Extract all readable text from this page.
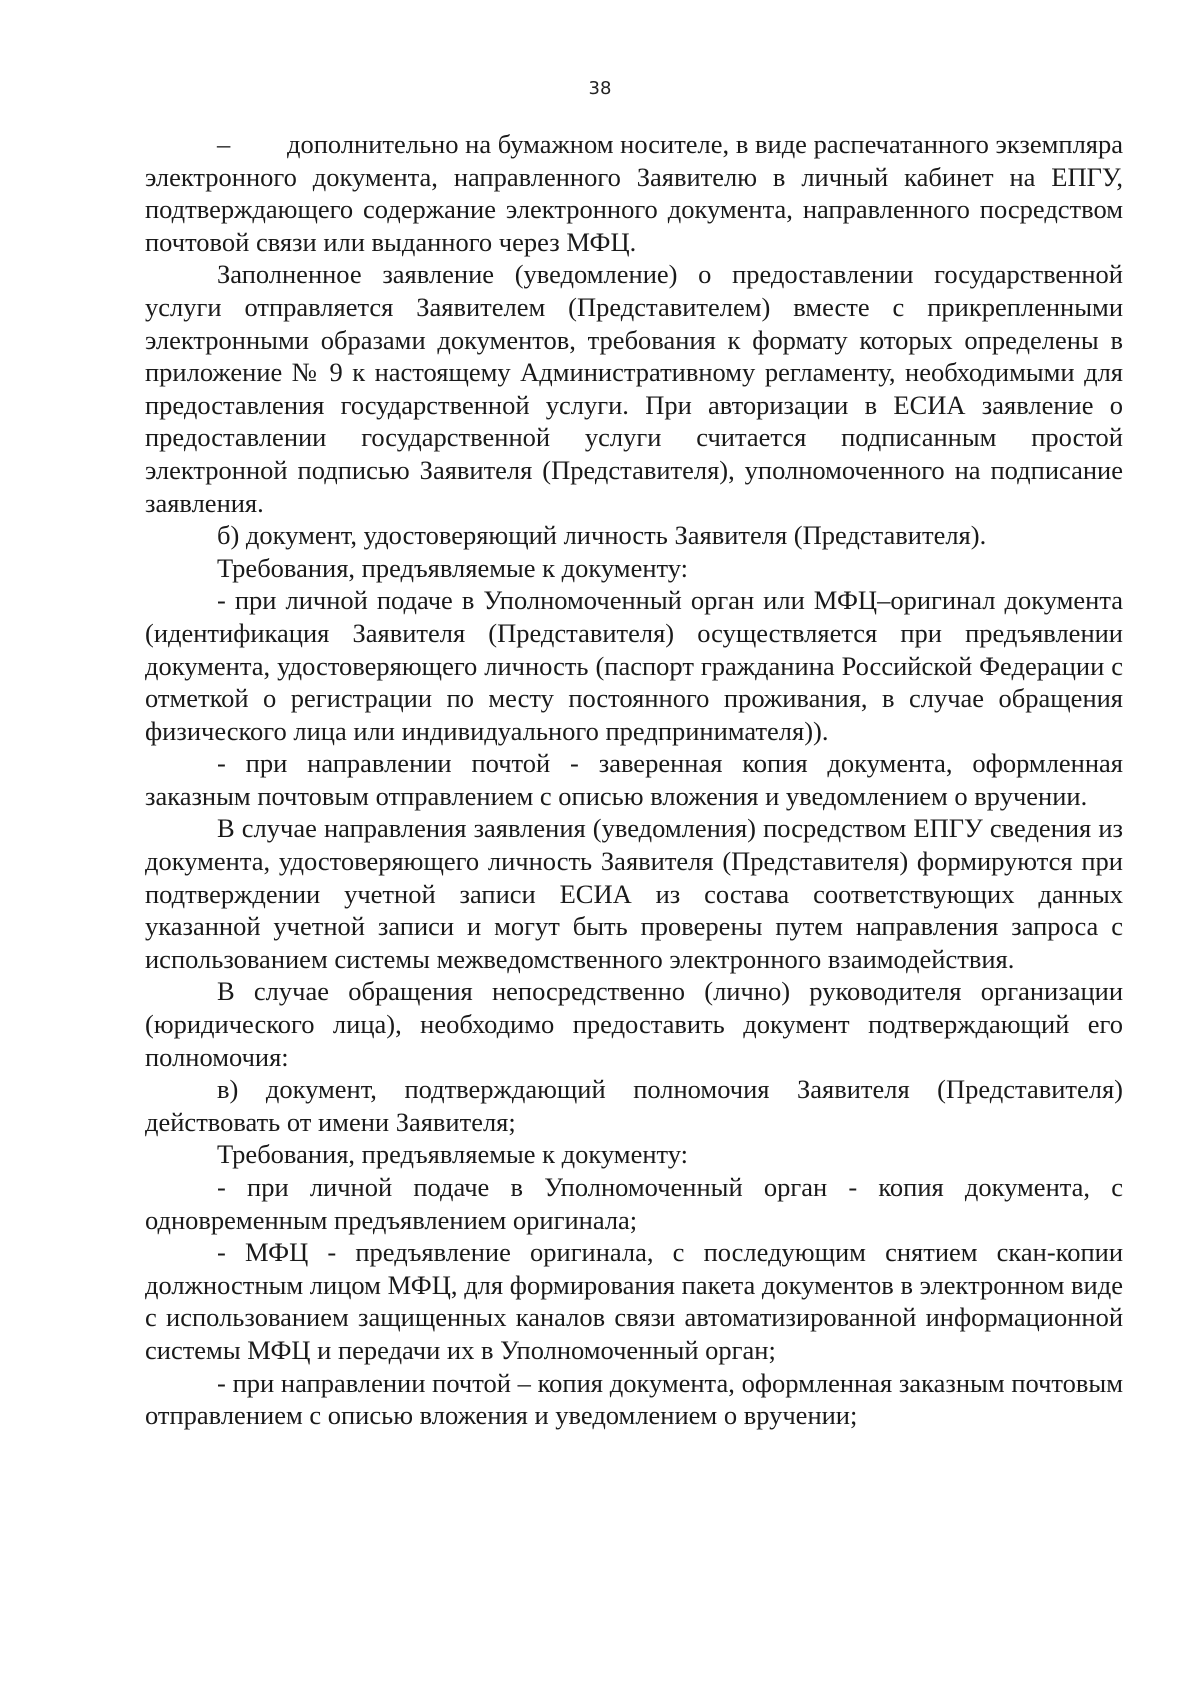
38

– дополнительно на бумажном носителе, в виде распечатанного экземпляра электронного документа, направленного Заявителю в личный кабинет на ЕПГУ, подтверждающего содержание электронного документа, направленного посредством почтовой связи или выданного через МФЦ.

Заполненное заявление (уведомление) о предоставлении государственной услуги отправляется Заявителем (Представителем) вместе с прикрепленными электронными образами документов, требования к формату которых определены в приложение № 9 к настоящему Административному регламенту, необходимыми для предоставления государственной услуги. При авторизации в ЕСИА заявление о предоставлении государственной услуги считается подписанным простой электронной подписью Заявителя (Представителя), уполномоченного на подписание заявления.

б) документ, удостоверяющий личность Заявителя (Представителя).

Требования, предъявляемые к документу:

- при личной подаче в Уполномоченный орган или МФЦ–оригинал документа (идентификация Заявителя (Представителя) осуществляется при предъявлении документа, удостоверяющего личность (паспорт гражданина Российской Федерации с отметкой о регистрации по месту постоянного проживания, в случае обращения физического лица или индивидуального предпринимателя)).

- при направлении почтой - заверенная копия документа, оформленная заказным почтовым отправлением с описью вложения и уведомлением о вручении.

В случае направления заявления (уведомления) посредством ЕПГУ сведения из документа, удостоверяющего личность Заявителя (Представителя) формируются при подтверждении учетной записи ЕСИА из состава соответствующих данных указанной учетной записи и могут быть проверены путем направления запроса с использованием системы межведомственного электронного взаимодействия.

В случае обращения непосредственно (лично) руководителя организации (юридического лица), необходимо предоставить документ подтверждающий его полномочия:

в) документ, подтверждающий полномочия Заявителя (Представителя) действовать от имени Заявителя;

Требования, предъявляемые к документу:

- при личной подаче в Уполномоченный орган - копия документа, с одновременным предъявлением оригинала;

- МФЦ - предъявление оригинала, с последующим снятием скан-копии должностным лицом МФЦ, для формирования пакета документов в электронном виде с использованием защищенных каналов связи автоматизированной информационной системы МФЦ и передачи их в Уполномоченный орган;

- при направлении почтой – копия документа, оформленная заказным почтовым отправлением с описью вложения и уведомлением о вручении;
